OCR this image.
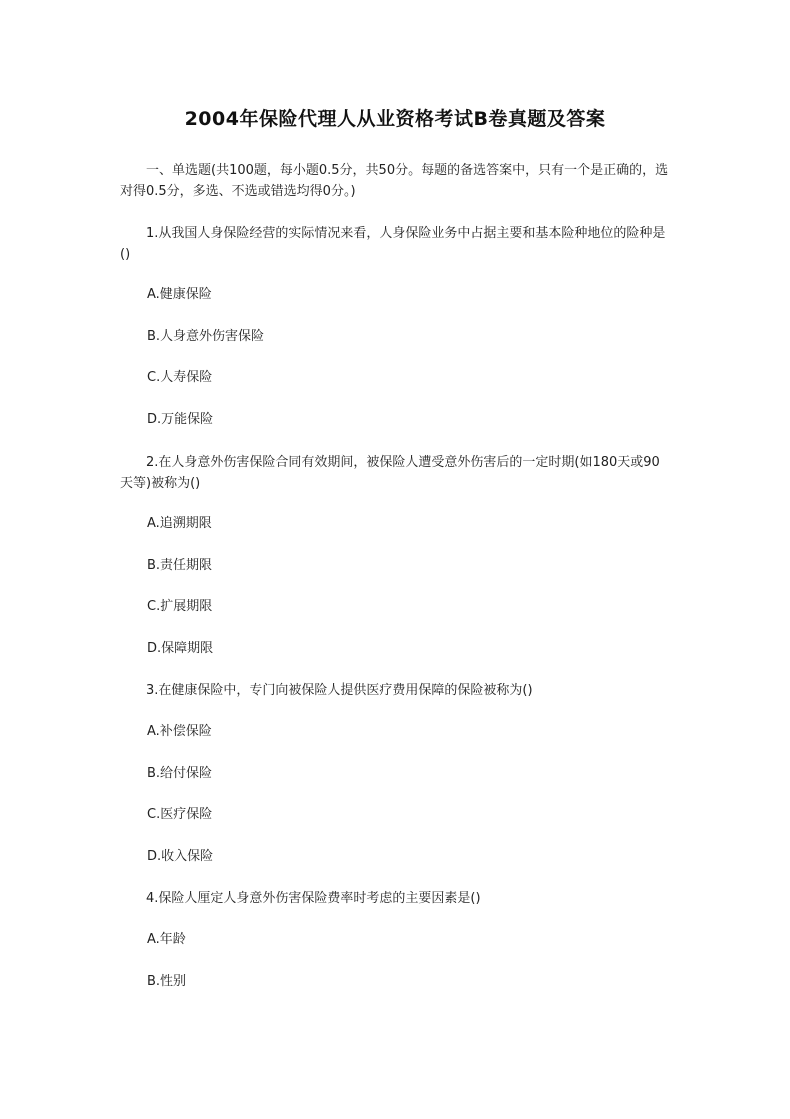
2004年保险代理人从业资格考试B卷真题及答案

一、单选题(共100题，每小题0.5分，共50分。每题的备选答案中，只有一个是正确的，选对得0.5分，多选、不选或错选均得0分。)

1.从我国人身保险经营的实际情况来看，人身保险业务中占据主要和基本险种地位的险种是()

A.健康保险

B.人身意外伤害保险

C.人寿保险

D.万能保险

2.在人身意外伤害保险合同有效期间，被保险人遭受意外伤害后的一定时期(如180天或90天等)被称为()

A.追溯期限

B.责任期限

C.扩展期限

D.保障期限

3.在健康保险中，专门向被保险人提供医疗费用保障的保险被称为()

A.补偿保险

B.给付保险

C.医疗保险

D.收入保险

4.保险人厘定人身意外伤害保险费率时考虑的主要因素是()

A.年龄

B.性别
